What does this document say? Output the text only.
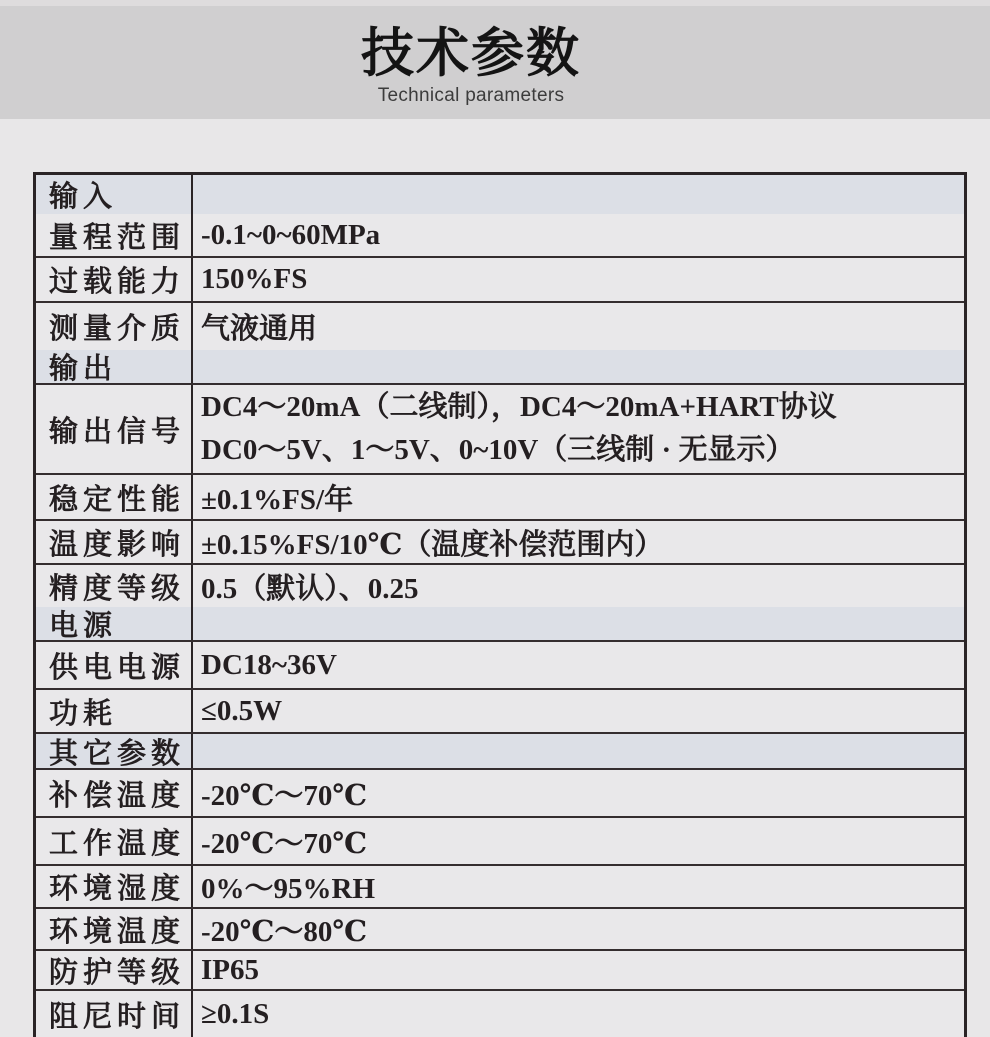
技术参数
Technical parameters
输入
量程范围 -0.1~0~60MPa
过载能力 150%FS
测量介质 气液通用
输出
输出信号
DC4～20mA（二线制），DC4～20mA+HART协议
DC0～5V、1～5V、0~10V（三线制 · 无显示）
稳定性能 ±0.1%FS/年
温度影响 ±0.15%FS/10℃（温度补偿范围内）
精度等级 0.5（默认）、0.25
电源
供电电源 DC18~36V
功耗	≤0.5W
其它参数
补偿温度 -20℃～70℃
工作温度 -20℃～70℃
环境湿度 0%～95%RH
环境温度 -20℃～80℃
防护等级 IP65
阻尼时间 ≥0.1S
